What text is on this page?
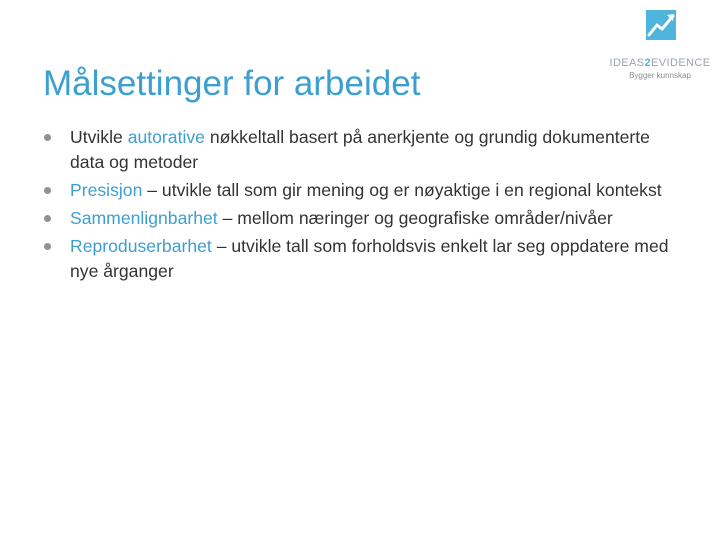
IDEAS2EVIDENCE
Bygger kunnskap
Målsettinger for arbeidet
Utvikle autorative nøkkeltall basert på anerkjente og grundig dokumenterte data og metoder
Presisjon – utvikle tall som gir mening og er nøyaktige i en regional kontekst
Sammenlignbarhet – mellom næringer og geografiske områder/nivåer
Reproduserbarhet – utvikle tall som forholdsvis enkelt lar seg oppdatere med nye årganger
